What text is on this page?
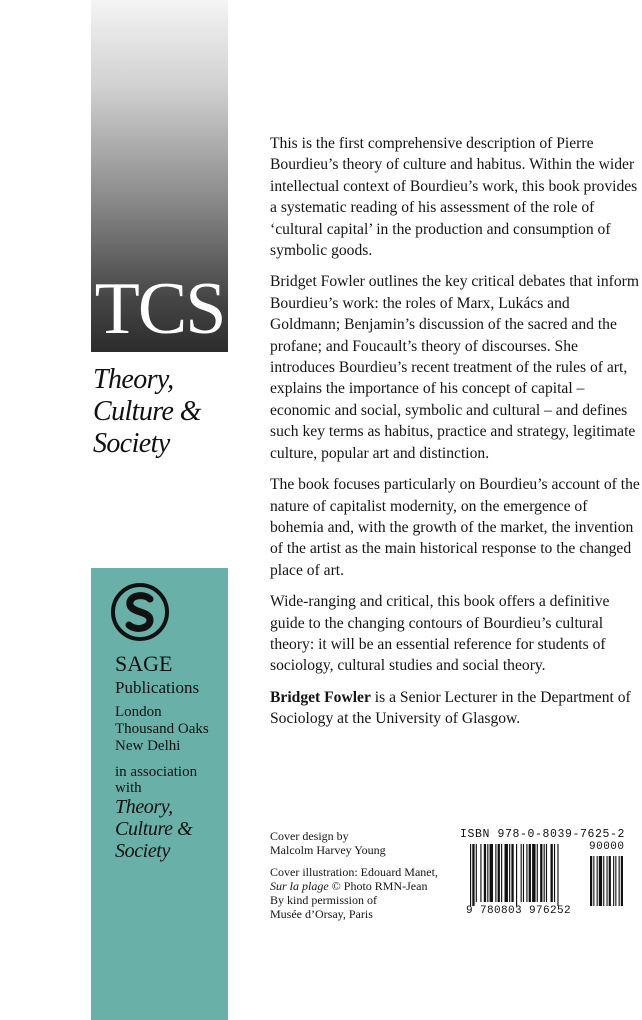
TCS
Theory,
Culture &
Society
SAGE
Publications
London
Thousand Oaks
New Delhi
in association
with
Theory,
Culture &
Society

This is the first comprehensive description of Pierre Bourdieu’s theory of culture and habitus. Within the wider intellectual context of Bourdieu’s work, this book provides a systematic reading of his assessment of the role of ‘cultural capital’ in the production and consumption of symbolic goods.

Bridget Fowler outlines the key critical debates that inform Bourdieu’s work: the roles of Marx, Lukács and Goldmann; Benjamin’s discussion of the sacred and the profane; and Foucault’s theory of discourses. She introduces Bourdieu’s recent treatment of the rules of art, explains the importance of his concept of capital – economic and social, symbolic and cultural – and defines such key terms as habitus, practice and strategy, legitimate culture, popular art and distinction.

The book focuses particularly on Bourdieu’s account of the nature of capitalist modernity, on the emergence of bohemia and, with the growth of the market, the invention of the artist as the main historical response to the changed place of art.

Wide-ranging and critical, this book offers a definitive guide to the changing contours of Bourdieu’s cultural theory: it will be an essential reference for students of sociology, cultural studies and social theory.

Bridget Fowler is a Senior Lecturer in the Department of Sociology at the University of Glasgow.

Cover design by
Malcolm Harvey Young

Cover illustration: Edouard Manet,
Sur la plage © Photo RMN-Jean
By kind permission of
Musée d’Orsay, Paris

ISBN 978-0-8039-7625-2
9 780803 976252
90000
